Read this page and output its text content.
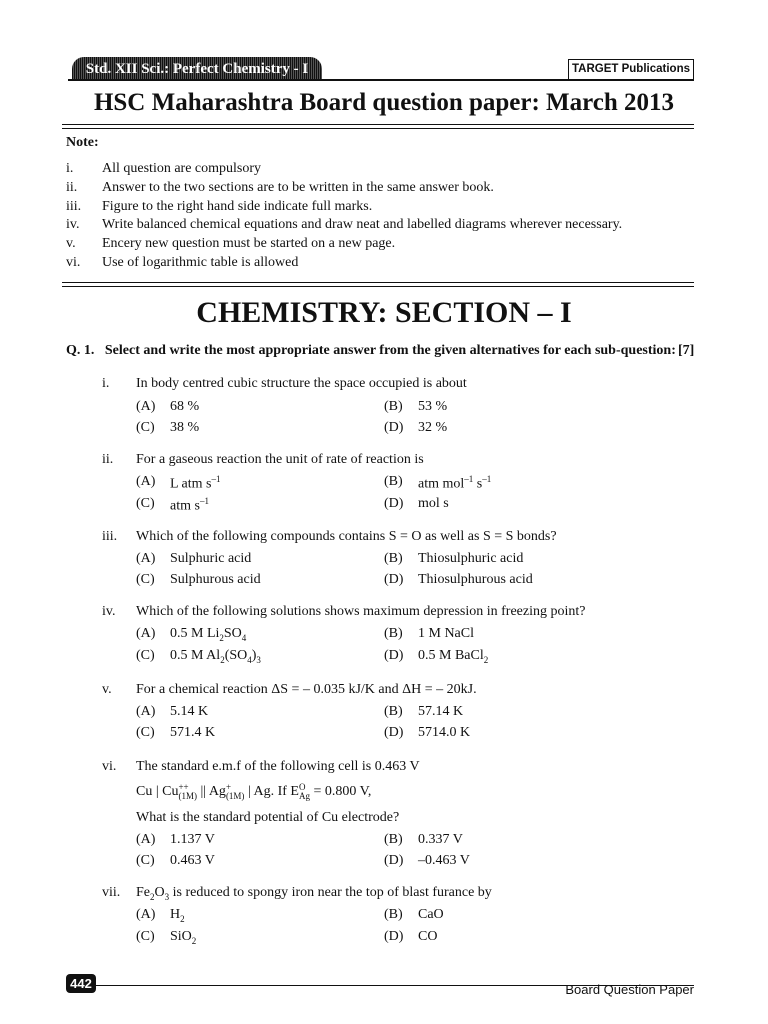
Std. XII Sci.: Perfect Chemistry - I	TARGET Publications
HSC Maharashtra Board question paper: March 2013
Note:
i. All question are compulsory
ii. Answer to the two sections are to be written in the same answer book.
iii. Figure to the right hand side indicate full marks.
iv. Write balanced chemical equations and draw neat and labelled diagrams wherever necessary.
v. Encery new question must be started on a new page.
vi. Use of logarithmic table is allowed
CHEMISTRY: SECTION – I
Q. 1. Select and write the most appropriate answer from the given alternatives for each sub-question: [7]
i. In body centred cubic structure the space occupied is about
(A) 68 %	(B) 53 %
(C) 38 %	(D) 32 %
ii. For a gaseous reaction the unit of rate of reaction is
(A) L atm $s^{-1}$	(B) atm mol$^{-1}$ $s^{-1}$
(C) atm $s^{-1}$	(D) mol s
iii. Which of the following compounds contains S = O as well as S = S bonds?
(A) Sulphuric acid	(B) Thiosulphuric acid
(C) Sulphurous acid	(D) Thiosulphurous acid
iv. Which of the following solutions shows maximum depression in freezing point?
(A) 0.5 M $Li_2SO_4$	(B) 1 M NaCl
(C) 0.5 M $Al_2(SO_4)_3$	(D) 0.5 M BaCl$_2$
v. For a chemical reaction ΔS = – 0.035 kJ/K and ΔH = – 20kJ.
(A) 5.14 K	(B) 57.14 K
(C) 571.4 K	(D) 5714.0 K
vi. The standard e.m.f of the following cell is 0.463 V
Cu | Cu ++
(1M) || Ag +
(1M) | Ag. If E O
Ag = 0.800 V,
What is the standard potential of Cu electrode?
(A) 1.137 V	(B) 0.337 V
(C) 0.463 V	(D) –0.463 V
vii. $Fe_2O_3$ is reduced to spongy iron near the top of blast furance by
(A) $H_2$	(B) CaO
(C) SiO$_2$	(D) CO
442	Board Question Paper
